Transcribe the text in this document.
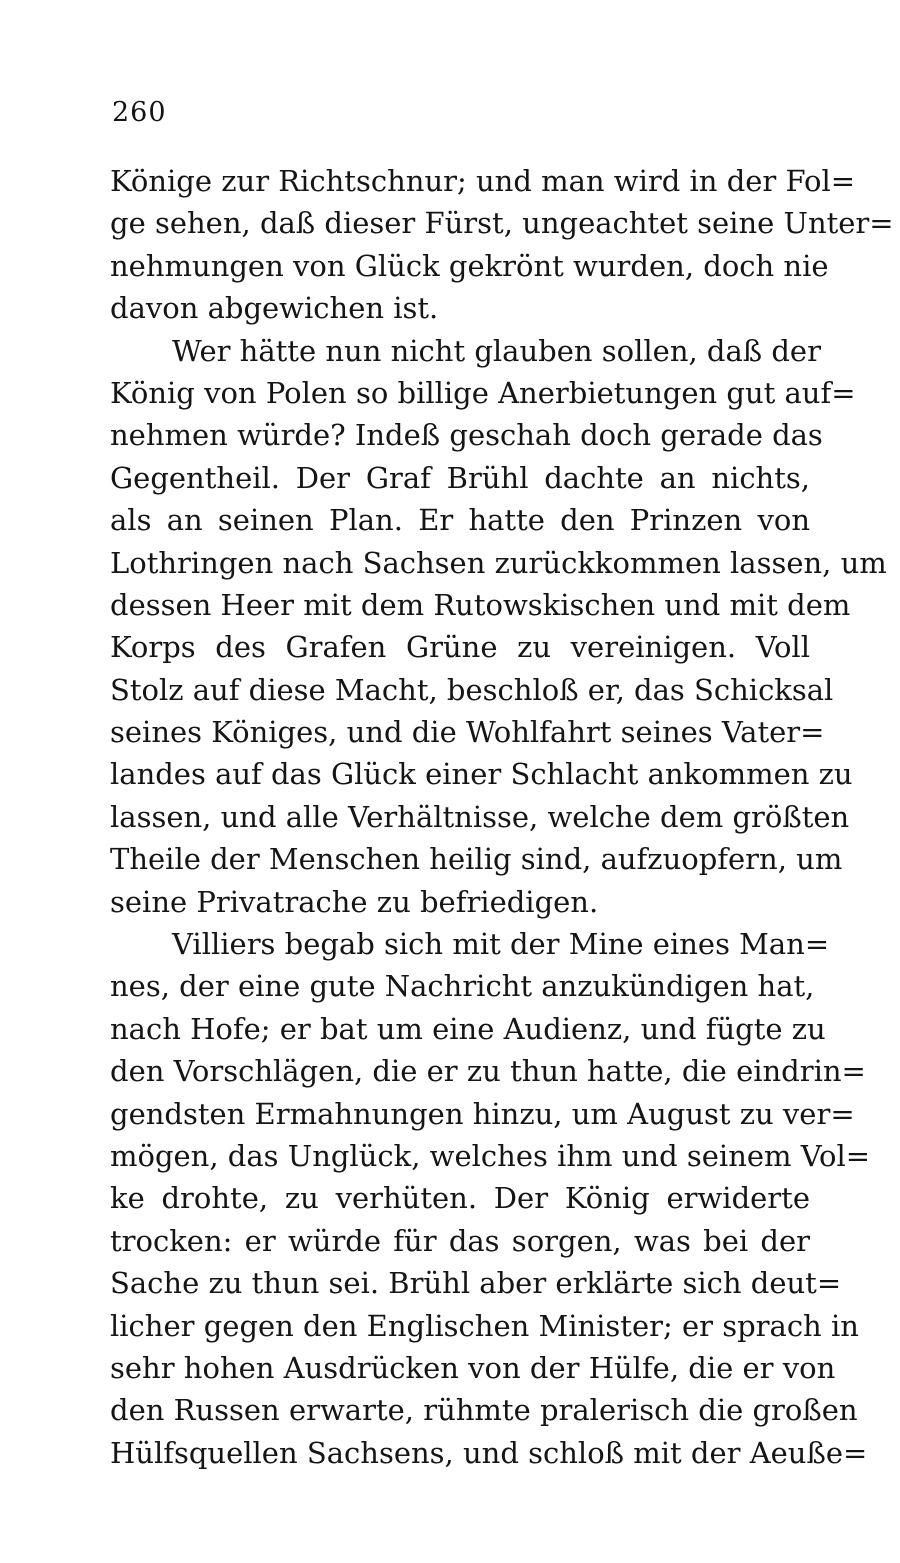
260
Könige zur Richtschnur; und man wird in der Fol=
ge sehen, daß dieser Fürst, ungeachtet seine Unter=
nehmungen von Glück gekrönt wurden, doch nie
davon abgewichen ist.
Wer hätte nun nicht glauben sollen, daß der
König von Polen so billige Anerbietungen gut auf=
nehmen würde? Indeß geschah doch gerade das
Gegentheil. Der Graf Brühl dachte an nichts,
als an seinen Plan. Er hatte den Prinzen von
Lothringen nach Sachsen zurückkommen lassen, um
dessen Heer mit dem Rutowskischen und mit dem
Korps des Grafen Grüne zu vereinigen. Voll
Stolz auf diese Macht, beschloß er, das Schicksal
seines Königes, und die Wohlfahrt seines Vater=
landes auf das Glück einer Schlacht ankommen zu
lassen, und alle Verhältnisse, welche dem größten
Theile der Menschen heilig sind, aufzuopfern, um
seine Privatrache zu befriedigen.
Villiers begab sich mit der Mine eines Man=
nes, der eine gute Nachricht anzukündigen hat,
nach Hofe; er bat um eine Audienz, und fügte zu
den Vorschlägen, die er zu thun hatte, die eindrin=
gendsten Ermahnungen hinzu, um August zu ver=
mögen, das Unglück, welches ihm und seinem Vol=
ke drohte, zu verhüten. Der König erwiderte
trocken: er würde für das sorgen, was bei der
Sache zu thun sei. Brühl aber erklärte sich deut=
licher gegen den Englischen Minister; er sprach in
sehr hohen Ausdrücken von der Hülfe, die er von
den Russen erwarte, rühmte pralerisch die großen
Hülfsquellen Sachsens, und schloß mit der Aeuße=
